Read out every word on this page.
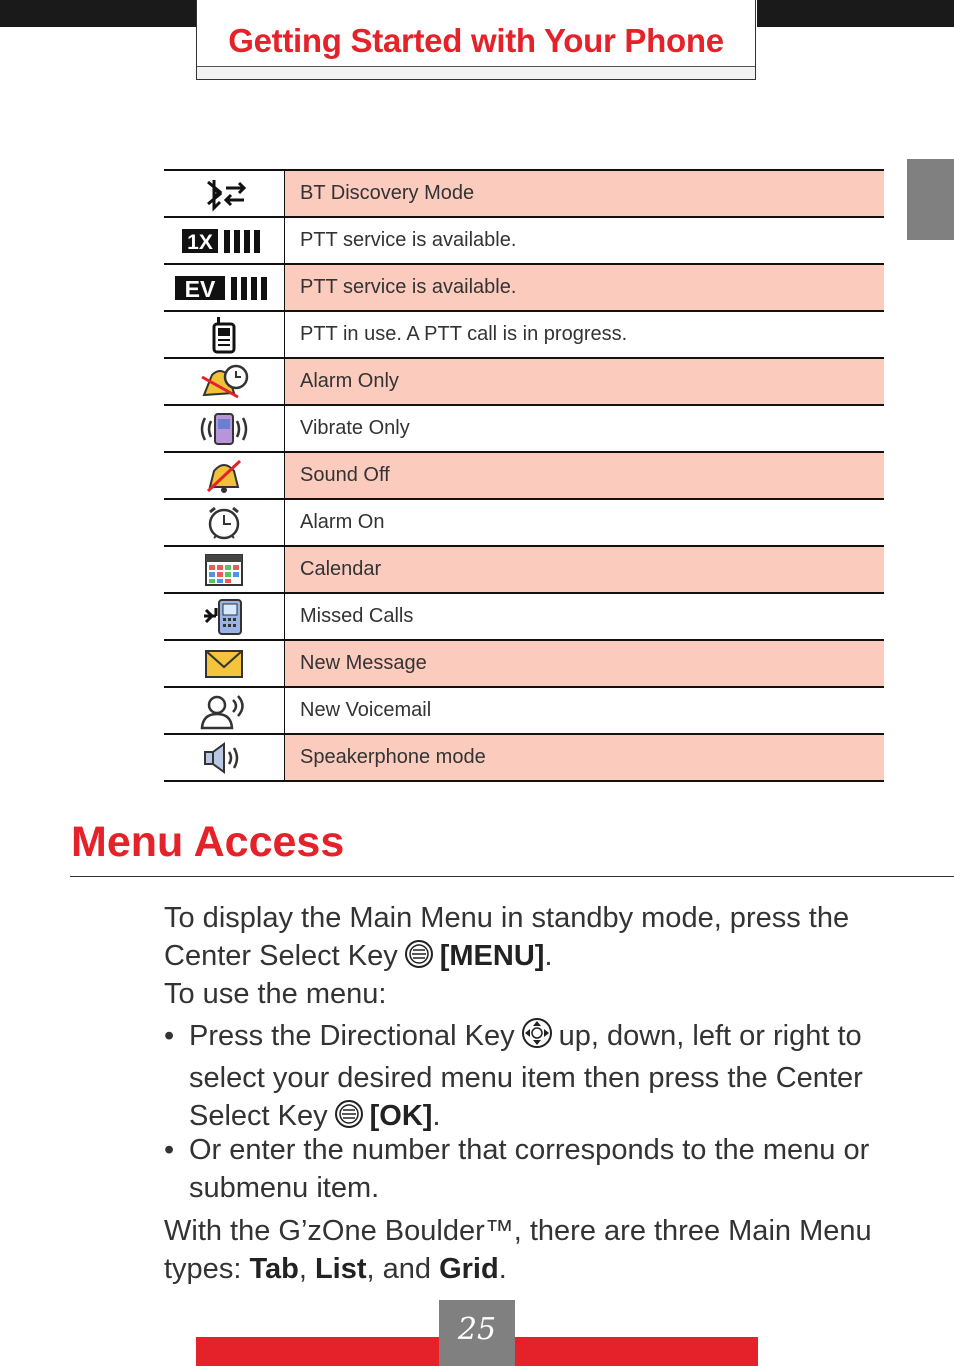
Getting Started with Your Phone
	BT Discovery Mode

1X	PTT service is available.

EV	PTT service is available.
	PTT in use. A PTT call is in progress.
	Alarm Only
	Vibrate Only
	Sound Off
	Alarm On
	Calendar
	Missed Calls
	New Message
	New Voicemail
	Speakerphone mode
Menu Access

To display the Main Menu in standby mode, press the Center Select Key [MENU].

To use the menu:

• Press the Directional Key up, down, left or right to select your desired menu item then press the Center Select Key [OK].
• Or enter the number that corresponds to the menu or submenu item.

With the G’zOne Boulder™, there are three Main Menu types: Tab, List, and Grid.

25
